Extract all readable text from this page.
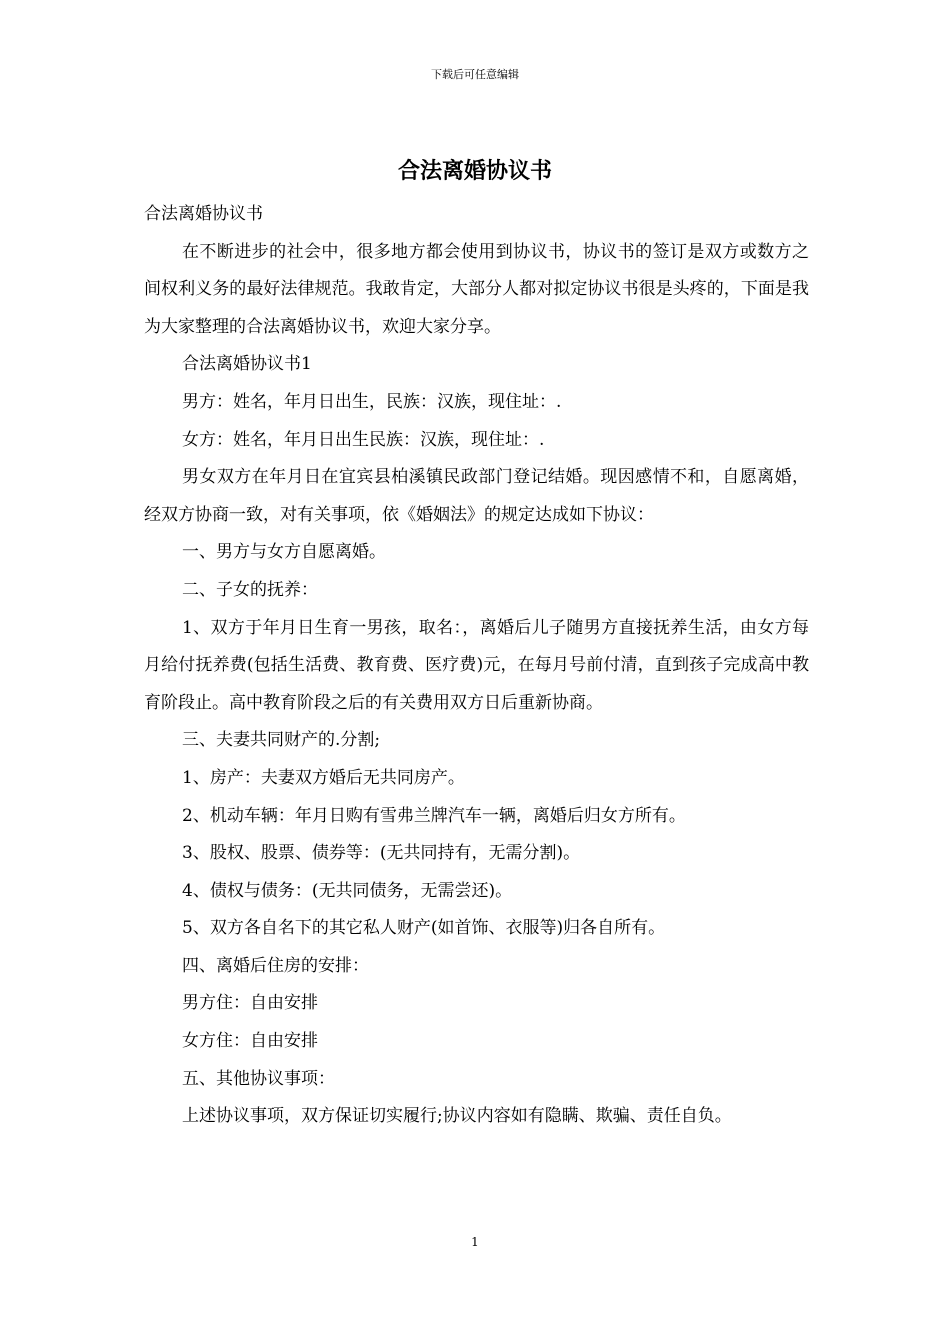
下载后可任意编辑
合法离婚协议书

合法离婚协议书

在不断进步的社会中，很多地方都会使用到协议书，协议书的签订是双方或数方之间权利义务的最好法律规范。我敢肯定，大部分人都对拟定协议书很是头疼的，下面是我为大家整理的合法离婚协议书，欢迎大家分享。

合法离婚协议书1

男方：姓名，年月日出生，民族：汉族，现住址：.

女方：姓名，年月日出生民族：汉族，现住址：.

男女双方在年月日在宜宾县柏溪镇民政部门登记结婚。现因感情不和，自愿离婚，经双方协商一致，对有关事项，依《婚姻法》的规定达成如下协议：

一、男方与女方自愿离婚。

二、子女的抚养：

1、双方于年月日生育一男孩，取名：，离婚后儿子随男方直接抚养生活，由女方每月给付抚养费(包括生活费、教育费、医疗费)元，在每月号前付清，直到孩子完成高中教育阶段止。高中教育阶段之后的有关费用双方日后重新协商。

三、夫妻共同财产的.分割;

1、房产：夫妻双方婚后无共同房产。

2、机动车辆：年月日购有雪弗兰牌汽车一辆，离婚后归女方所有。

3、股权、股票、债券等：(无共同持有，无需分割)。

4、债权与债务：(无共同债务，无需尝还)。

5、双方各自名下的其它私人财产(如首饰、衣服等)归各自所有。

四、离婚后住房的安排：

男方住：自由安排

女方住：自由安排

五、其他协议事项：

上述协议事项，双方保证切实履行;协议内容如有隐瞒、欺骗、责任自负。

1
